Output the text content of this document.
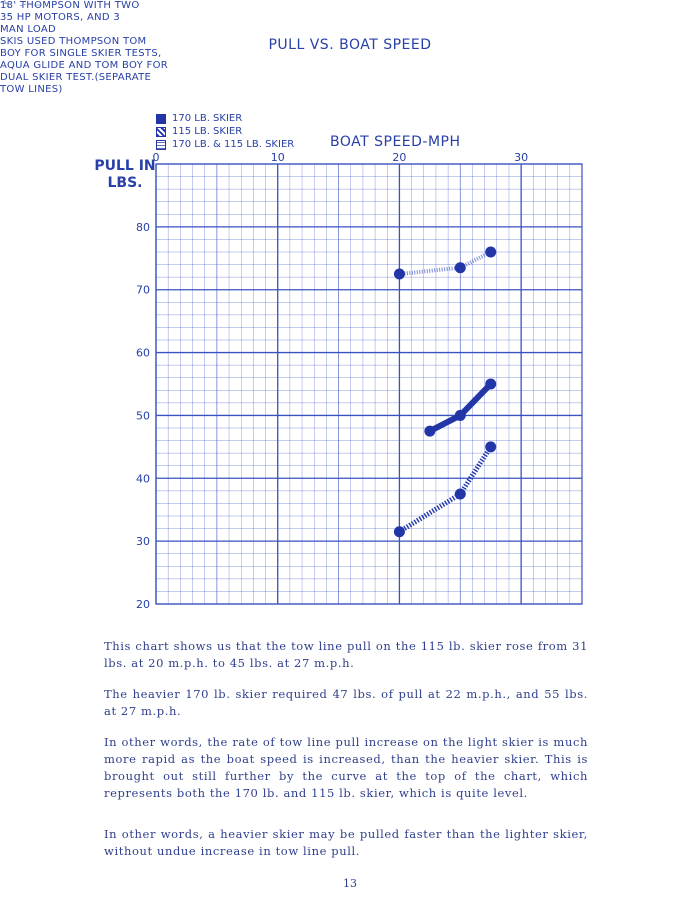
PULL VS. BOAT SPEED

18' THOMPSON WITH TWO

35 HP MOTORS, AND 3

MAN LOAD

SKIS USED THOMPSON TOM

BOY FOR SINGLE SKIER TESTS,

AQUA GLIDE AND TOM BOY FOR

DUAL SKIER TEST.(SEPARATE

TOW LINES)

170 LB. SKIER
115 LB. SKIER
170 LB. & 115 LB. SKIER	BOAT SPEED-MPH
PULL IN LBS.
0	10	20	30
20
30
40
50
60
70
80

This chart shows us that the tow line pull on the 115 lb. skier rose from 31 lbs. at 20 m.p.h. to 45 lbs. at 27 m.p.h.

The heavier 170 lb. skier required 47 lbs. of pull at 22 m.p.h., and 55 lbs. at 27 m.p.h.

In other words, the rate of tow line pull increase on the light skier is much more rapid as the boat speed is increased, than the heavier skier. This is brought out still further by the curve at the top of the chart, which represents both the 170 lb. and 115 lb. skier, which is quite level.

In other words, a heavier skier may be pulled faster than the lighter skier, without undue increase in tow line pull.

13
